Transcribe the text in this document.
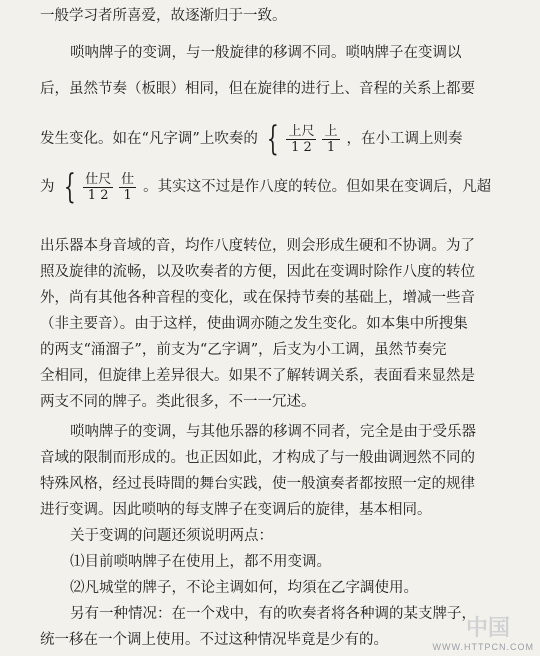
一般学习者所喜爱，故逐渐归于一致。
唢呐牌子的变调，与一般旋律的移调不同。唢呐牌子在变调以
后，虽然节奏（板眼）相同，但在旋律的进行上、音程的关系上都要
发生变化。如在“凡字调”上吹奏的 { $\frac{\text{上尺}}{1 2} \frac{\text{上}}{1}$ ，在小工调上则奏
为 { $\frac{\text{仕尺}}{1 2} \frac{\text{仕}}{1}$ 。其实这不过是作八度的转位。但如果在变调后，凡超
出乐器本身音域的音，均作八度转位，则会形成生硬和不协调。为了
照及旋律的流畅，以及吹奏者的方便，因此在变调时除作八度的转位
外，尚有其他各种音程的变化，或在保持节奏的基础上，增减一些音
（非主要音）。由于这样，使曲调亦随之发生变化。如本集中所搜集
的两支“涌溜子”，前支为“乙字调”，后支为小工调，虽然节奏完
全相同，但旋律上差异很大。如果不了解转调关系，表面看来显然是
两支不同的牌子。类此很多，不一一冗述。
唢呐牌子的变调，与其他乐器的移调不同者，完全是由于受乐器
音域的限制而形成的。也正因如此，才构成了与一般曲调迥然不同的
特殊风格，经过長時間的舞台实践，使一般演奏者都按照一定的规律
进行变调。因此唢呐的每支牌子在变调后的旋律，基本相同。
关于变调的问题还须说明两点：
⑴目前唢呐牌子在使用上，都不用变调。
⑵凡城堂的牌子，不论主调如何，均須在乙字調使用。
另有一种情况：在一个戏中，有的吹奏者将各种调的某支牌子，
统一移在一个调上使用。不过这种情况毕竟是少有的。	中国
WWW.HTTPCN.COM
